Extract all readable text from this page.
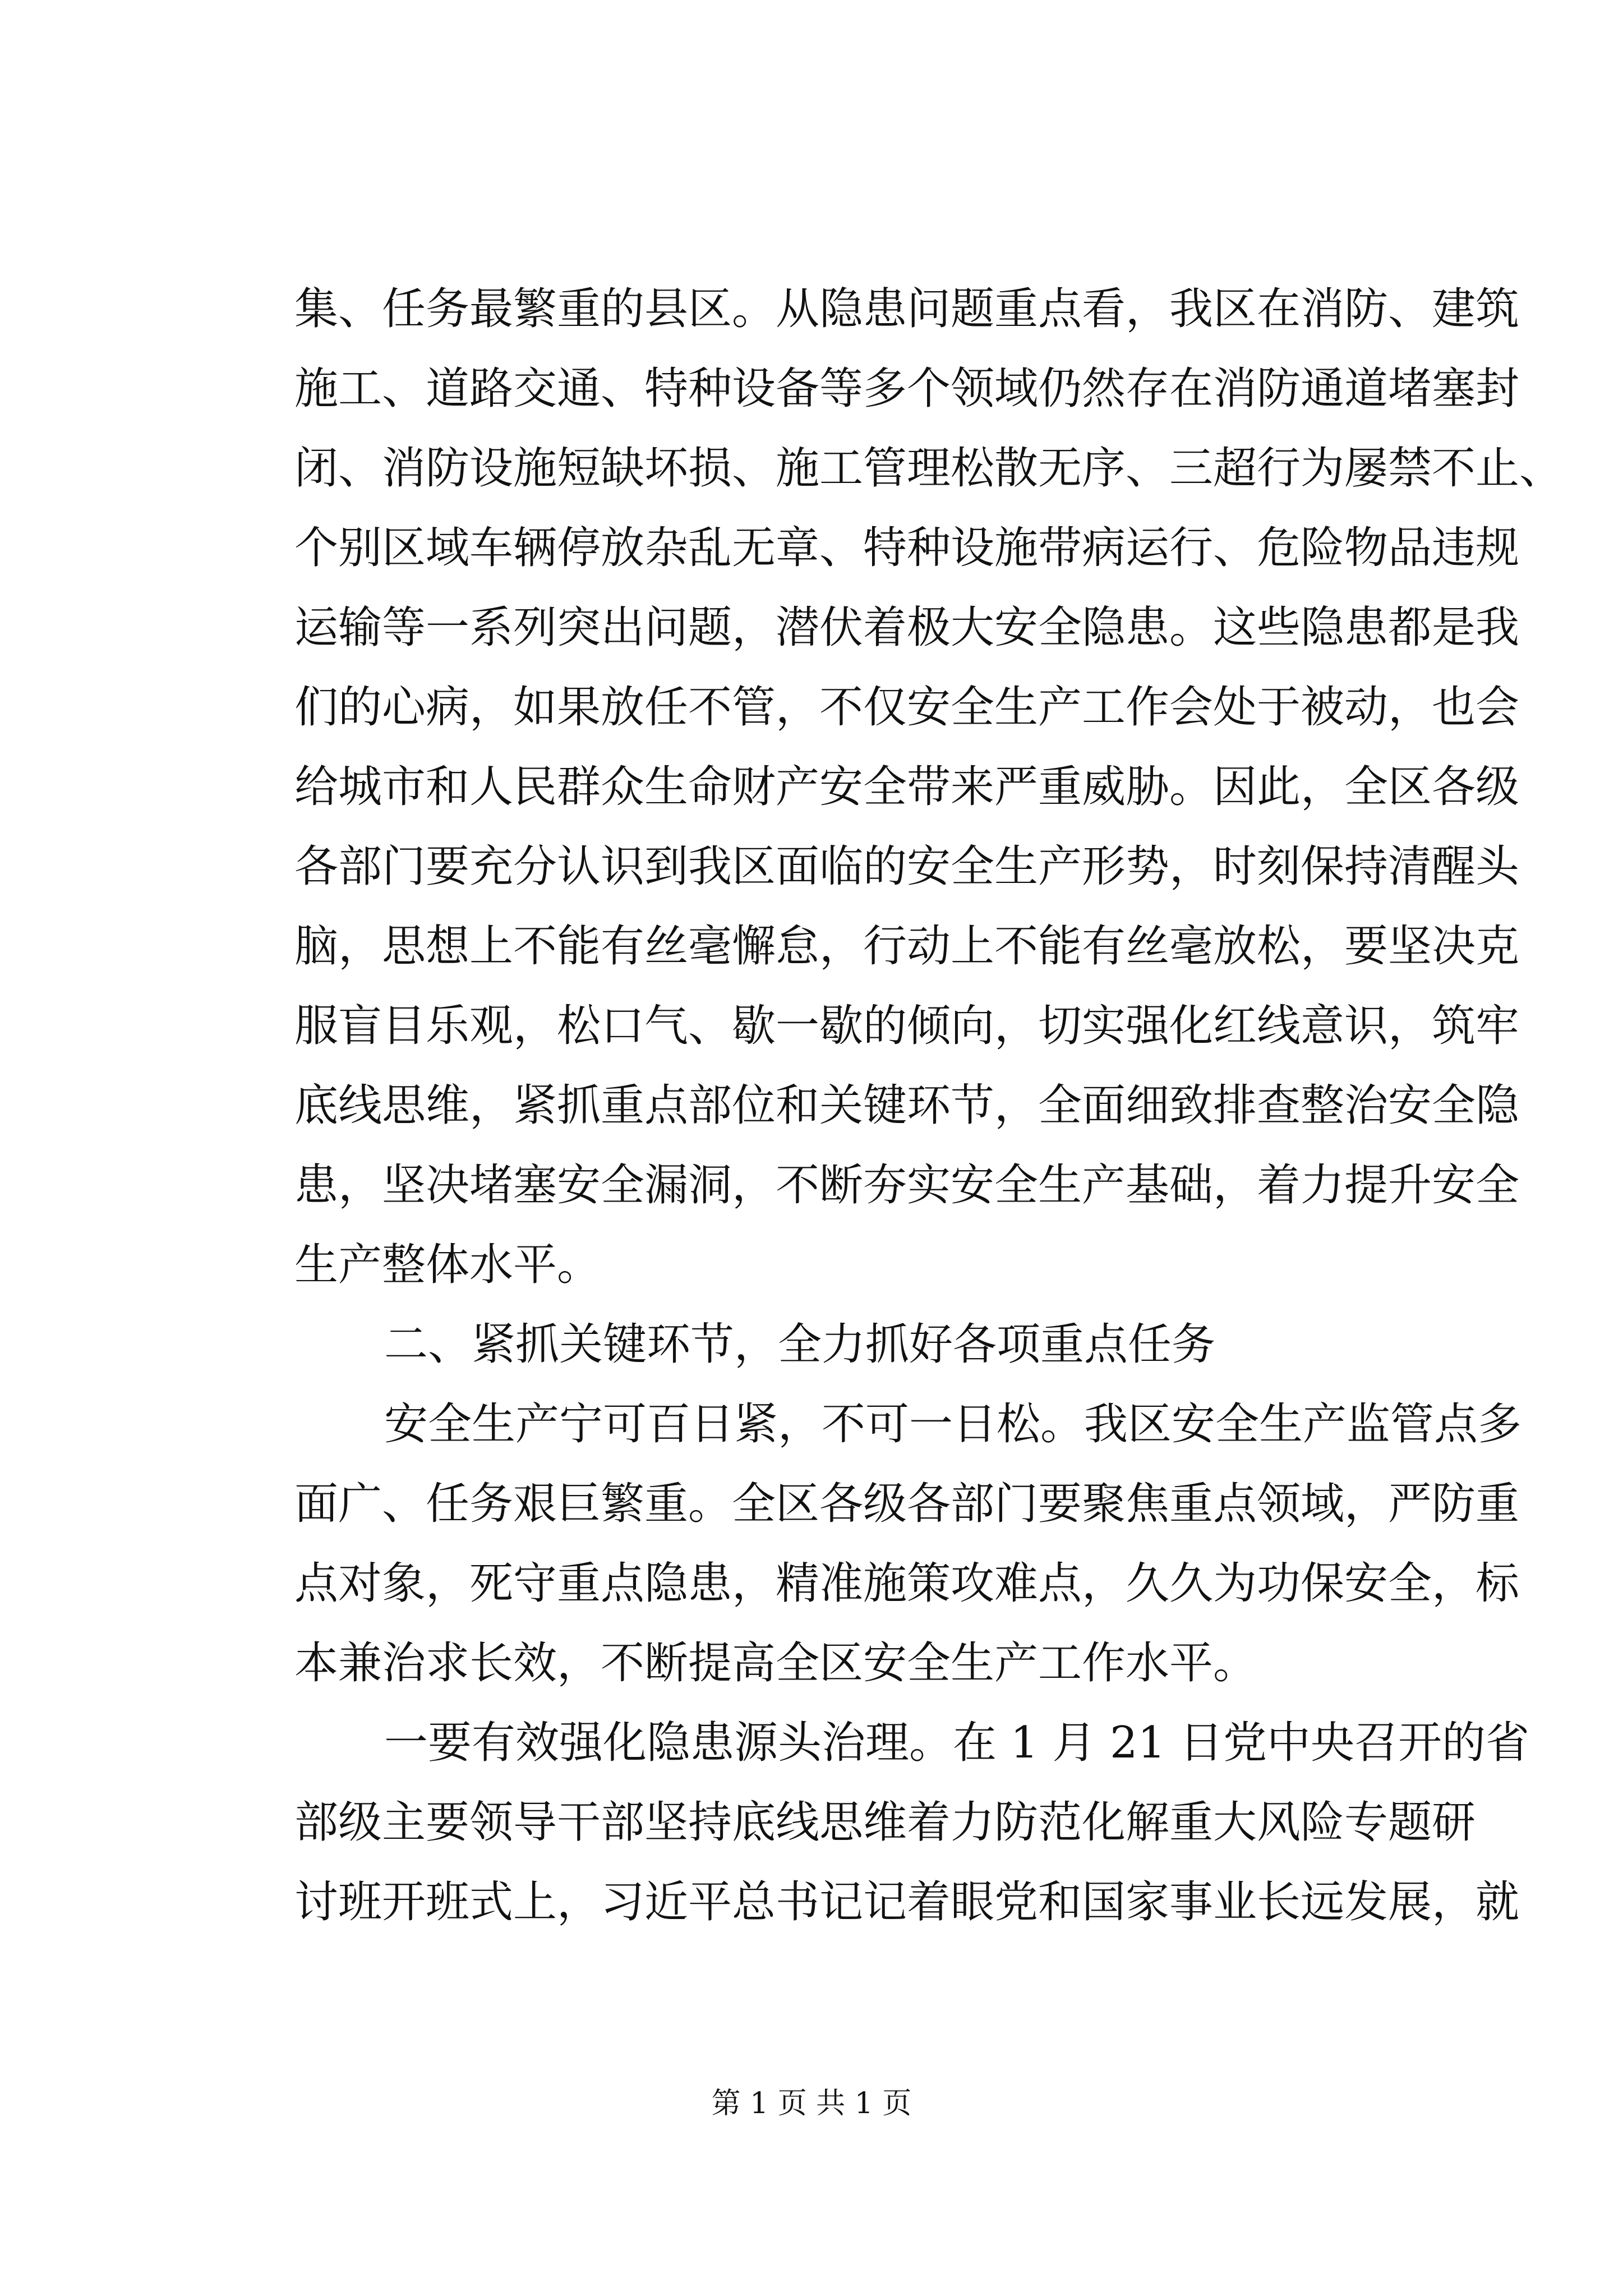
集、任务最繁重的县区。从隐患问题重点看，我区在消防、建筑
施工、道路交通、特种设备等多个领域仍然存在消防通道堵塞封
闭、消防设施短缺坏损、施工管理松散无序、三超行为屡禁不止、
个别区域车辆停放杂乱无章、特种设施带病运行、危险物品违规
运输等一系列突出问题，潜伏着极大安全隐患。这些隐患都是我
们的心病，如果放任不管，不仅安全生产工作会处于被动，也会
给城市和人民群众生命财产安全带来严重威胁。因此，全区各级
各部门要充分认识到我区面临的安全生产形势，时刻保持清醒头
脑，思想上不能有丝毫懈怠，行动上不能有丝毫放松，要坚决克
服盲目乐观，松口气、歇一歇的倾向，切实强化红线意识，筑牢
底线思维，紧抓重点部位和关键环节，全面细致排查整治安全隐
患，坚决堵塞安全漏洞，不断夯实安全生产基础，着力提升安全
生产整体水平。
二、紧抓关键环节，全力抓好各项重点任务
安全生产宁可百日紧，不可一日松。我区安全生产监管点多
面广、任务艰巨繁重。全区各级各部门要聚焦重点领域，严防重
点对象，死守重点隐患，精准施策攻难点，久久为功保安全，标
本兼治求长效，不断提高全区安全生产工作水平。
一要有效强化隐患源头治理。在 1 月 21 日党中央召开的省
部级主要领导干部坚持底线思维着力防范化解重大风险专题研
讨班开班式上，习近平总书记记着眼党和国家事业长远发展，就
第 1 页 共 1 页
